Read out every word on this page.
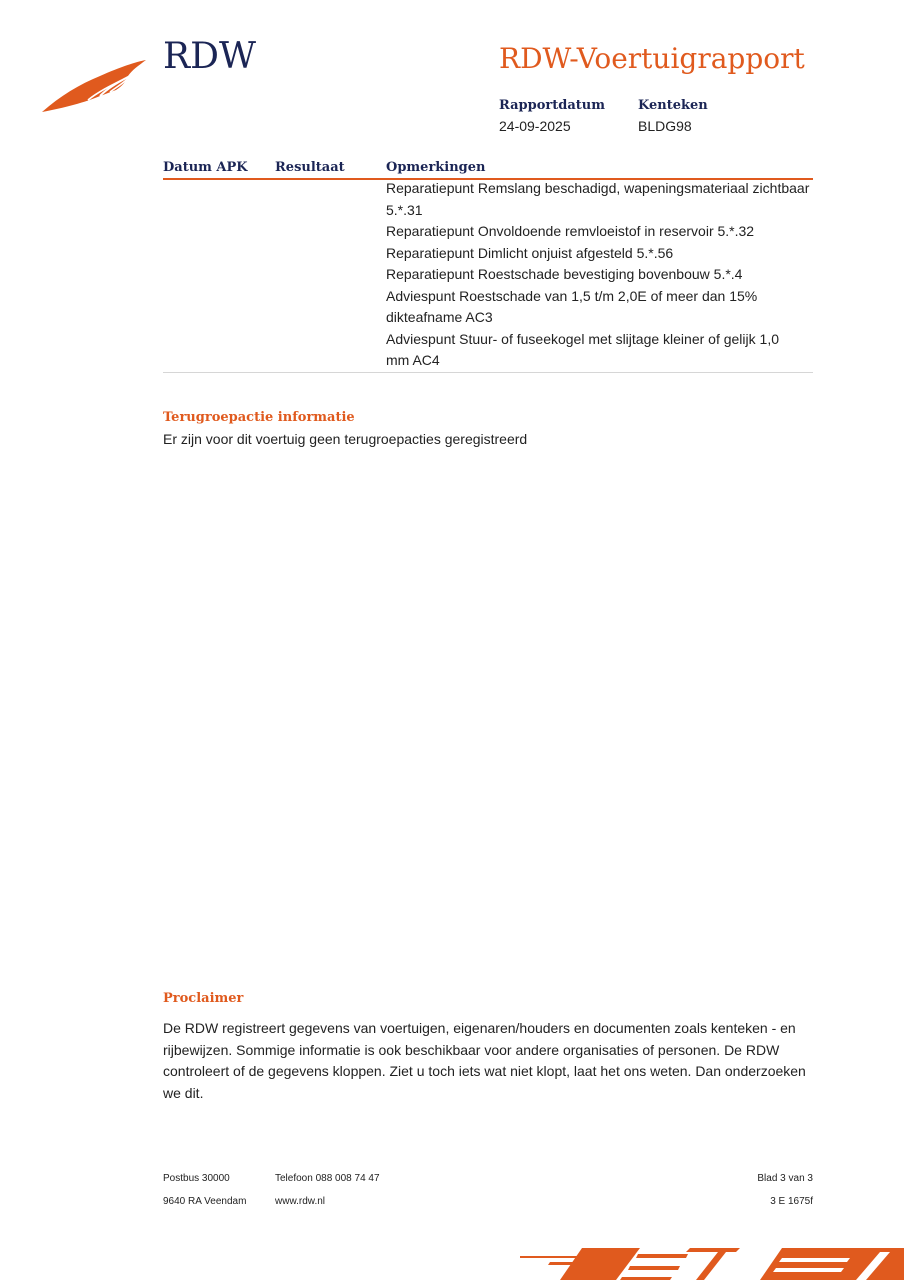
RDW	RDW-Voertuigrapport
Rapportdatum
24-09-2025
Kenteken
BLDG98
Datum APK Resultaat	Opmerkingen
Reparatiepunt Remslang beschadigd, wapeningsmateriaal zichtbaar
5.*.31
Reparatiepunt Onvoldoende remvloeistof in reservoir 5.*.32
Reparatiepunt Dimlicht onjuist afgesteld 5.*.56
Reparatiepunt Roestschade bevestiging bovenbouw 5.*.4
Adviespunt Roestschade van 1,5 t/m 2,0E of meer dan 15%
dikteafname AC3
Adviespunt Stuur- of fuseekogel met slijtage kleiner of gelijk 1,0
mm AC4
Terugroepactie informatie
Er zijn voor dit voertuig geen terugroepacties geregistreerd
Proclaimer
De RDW registreert gegevens van voertuigen, eigenaren/houders en documenten zoals kenteken - en
rijbewijzen. Sommige informatie is ook beschikbaar voor andere organisaties of personen. De RDW
controleert of de gegevens kloppen. Ziet u toch iets wat niet klopt, laat het ons weten. Dan onderzoeken
we dit.
Postbus 30000
9640 RA Veendam
Telefoon 088 008 74 47
www.rdw.nl
Blad 3 van 3
3 E 1675f
